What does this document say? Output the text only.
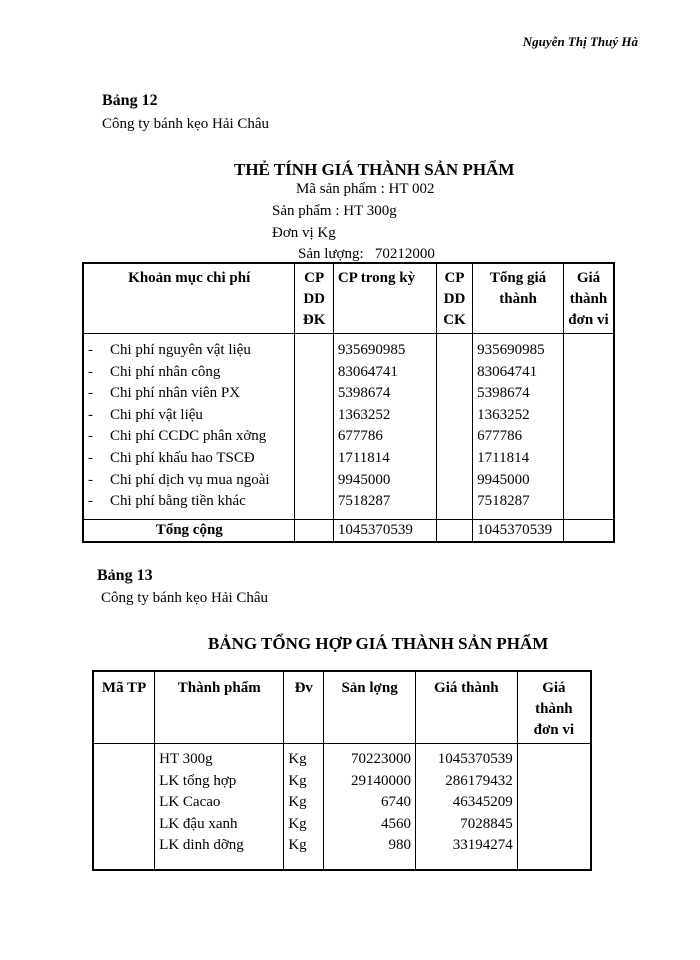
Nguyễn Thị Thuý Hà
Bảng 12
Công ty bánh kẹo Hải Châu
THẺ TÍNH GIÁ THÀNH SẢN PHẨM
Mã sản phẩm : HT 002
Sản phẩm : HT 300g
Đơn vị Kg
Sản lượng: 70212000
Khoản mục chi phí	CP DD ĐK	CP trong kỳ	CP DD CK	Tổng giá thành	Giá thành đơn vi
- Chi phí nguyên vật liệu		935690985		935690985	
- Chi phí nhân công		83064741		83064741	
- Chi phí nhân viên PX		5398674		5398674	
- Chi phí vật liệu		1363252		1363252	
- Chi phí CCDC phân xởng		677786		677786	
- Chi phí khấu hao TSCĐ		1711814		1711814	
- Chi phí dịch vụ mua ngoài		9945000		9945000	
- Chi phí bằng tiền khác		7518287		7518287	
Tổng cộng		1045370539		1045370539	
Bảng 13
Công ty bánh kẹo Hải Châu
BẢNG TỔNG HỢP GIÁ THÀNH SẢN PHẨM
Mã TP	Thành phẩm	Đv	Sản lợng	Giá thành	Giá thành đơn vi
	HT 300g	Kg	70223000	1045370539	
	LK tổng hợp	Kg	29140000	286179432	
	LK Cacao	Kg	6740	46345209	
	LK đậu xanh	Kg	4560	7028845	
	LK dinh dỡng	Kg	980	33194274	
